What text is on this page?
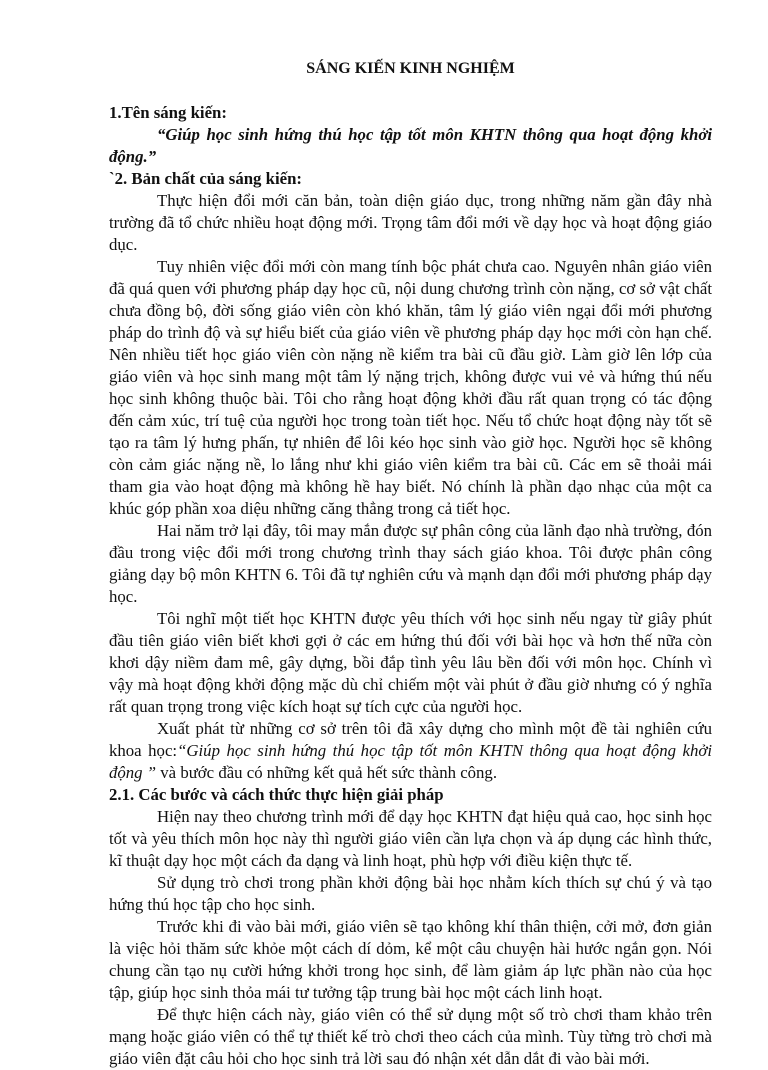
SÁNG KIẾN KINH NGHIỆM
1.Tên sáng kiến:
“Giúp học sinh hứng thú học tập tốt môn KHTN thông qua hoạt động khởi động.”
`2. Bản chất của sáng kiến:

Thực hiện đổi mới căn bản, toàn diện giáo dục, trong những năm gần đây nhà trường đã tổ chức nhiều hoạt động mới. Trọng tâm đổi mới về dạy học và hoạt động giáo dục.

Tuy nhiên việc đổi mới còn mang tính bộc phát chưa cao. Nguyên nhân giáo viên đã quá quen với phương pháp dạy học cũ, nội dung chương trình còn nặng, cơ sở vật chất chưa đồng bộ, đời sống giáo viên còn khó khăn, tâm lý giáo viên ngại đổi mới phương pháp do trình độ và sự hiểu biết của giáo viên về phương pháp dạy học mới còn hạn chế. Nên nhiều tiết học giáo viên còn nặng nề kiểm tra bài cũ đầu giờ. Làm giờ lên lớp của giáo viên và học sinh mang một tâm lý nặng trịch, không được vui vẻ và hứng thú nếu học sinh không thuộc bài. Tôi cho rằng hoạt động khởi đầu rất quan trọng có tác động đến cảm xúc, trí tuệ của người học trong toàn tiết học. Nếu tổ chức hoạt động này tốt sẽ tạo ra tâm lý hưng phấn, tự nhiên để lôi kéo học sinh vào giờ học. Người học sẽ không còn cảm giác nặng nề, lo lắng như khi giáo viên kiểm tra bài cũ. Các em sẽ thoải mái tham gia vào hoạt động mà không hề hay biết. Nó chính là phần dạo nhạc của một ca khúc góp phần xoa diệu những căng thẳng trong cả tiết học.

Hai năm trở lại đây, tôi may mắn được sự phân công của lãnh đạo nhà trường, đón đầu trong việc đổi mới trong chương trình thay sách giáo khoa. Tôi được phân công giảng dạy bộ môn KHTN 6. Tôi đã tự nghiên cứu và mạnh dạn đổi mới phương pháp dạy học.

Tôi nghĩ một tiết học KHTN được yêu thích với học sinh nếu ngay từ giây phút đầu tiên giáo viên biết khơi gợi ở các em hứng thú đối với bài học và hơn thế nữa còn khơi dậy niềm đam mê, gây dựng, bồi đắp tình yêu lâu bền đối với môn học. Chính vì vậy mà hoạt động khởi động mặc dù chỉ chiếm một vài phút ở đầu giờ nhưng có ý nghĩa rất quan trọng trong việc kích hoạt sự tích cực của người học.

Xuất phát từ những cơ sở trên tôi đã xây dựng cho mình một đề tài nghiên cứu khoa học:“Giúp học sinh hứng thú học tập tốt môn KHTN thông qua hoạt động khởi động ” và bước đầu có những kết quả hết sức thành công.

2.1. Các bước và cách thức thực hiện giải pháp

Hiện nay theo chương trình mới để dạy học KHTN đạt hiệu quả cao, học sinh học tốt và yêu thích môn học này thì người giáo viên cần lựa chọn và áp dụng các hình thức, kĩ thuật dạy học một cách đa dạng và linh hoạt, phù hợp với điều kiện thực tế.

Sử dụng trò chơi trong phần khởi động bài học nhằm kích thích sự chú ý và tạo hứng thú học tập cho học sinh.

Trước khi đi vào bài mới, giáo viên sẽ tạo không khí thân thiện, cởi mở, đơn giản là việc hỏi thăm sức khỏe một cách dí dỏm, kể một câu chuyện hài hước ngắn gọn. Nói chung cần tạo nụ cười hứng khởi trong học sinh, để làm giảm áp lực phần nào của học tập, giúp học sinh thỏa mái tư tưởng tập trung bài học một cách linh hoạt.

Để thực hiện cách này, giáo viên có thể sử dụng một số trò chơi tham khảo trên mạng hoặc giáo viên có thể tự thiết kế trò chơi theo cách của mình. Tùy từng trò chơi mà giáo viên đặt câu hỏi cho học sinh trả lời sau đó nhận xét dẫn dắt đi vào bài mới.
